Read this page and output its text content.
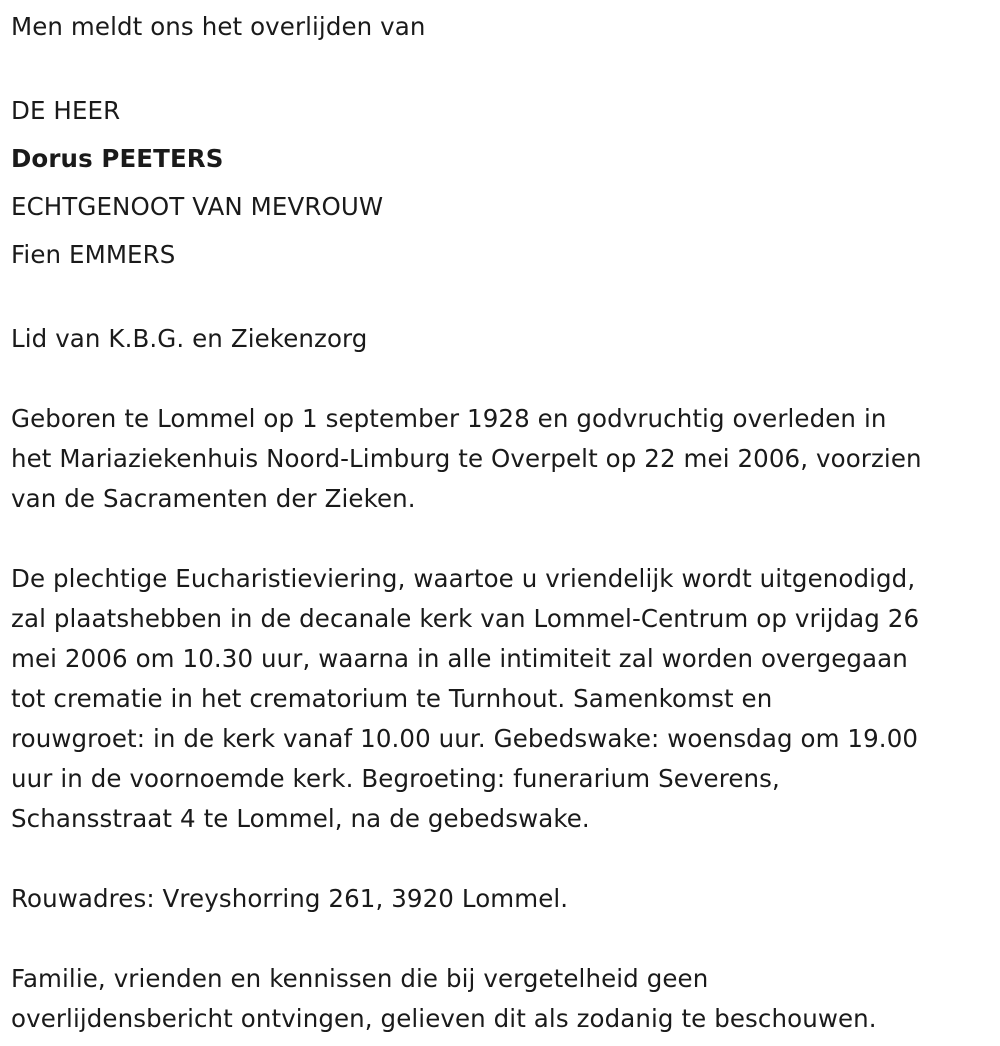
Men meldt ons het overlijden van

DE HEER

Dorus PEETERS

ECHTGENOOT VAN MEVROUW

Fien EMMERS

Lid van K.B.G. en Ziekenzorg

Geboren te Lommel op 1 september 1928 en godvruchtig overleden in

het Mariaziekenhuis Noord-Limburg te Overpelt op 22 mei 2006, voorzien

van de Sacramenten der Zieken.

De plechtige Eucharistieviering, waartoe u vriendelijk wordt uitgenodigd,

zal plaatshebben in de decanale kerk van Lommel-Centrum op vrijdag 26

mei 2006 om 10.30 uur, waarna in alle intimiteit zal worden overgegaan

tot crematie in het crematorium te Turnhout. Samenkomst en

rouwgroet: in de kerk vanaf 10.00 uur. Gebedswake: woensdag om 19.00

uur in de voornoemde kerk. Begroeting: funerarium Severens,

Schansstraat 4 te Lommel, na de gebedswake.

Rouwadres: Vreyshorring 261, 3920 Lommel.

Familie, vrienden en kennissen die bij vergetelheid geen

overlijdensbericht ontvingen, gelieven dit als zodanig te beschouwen.
